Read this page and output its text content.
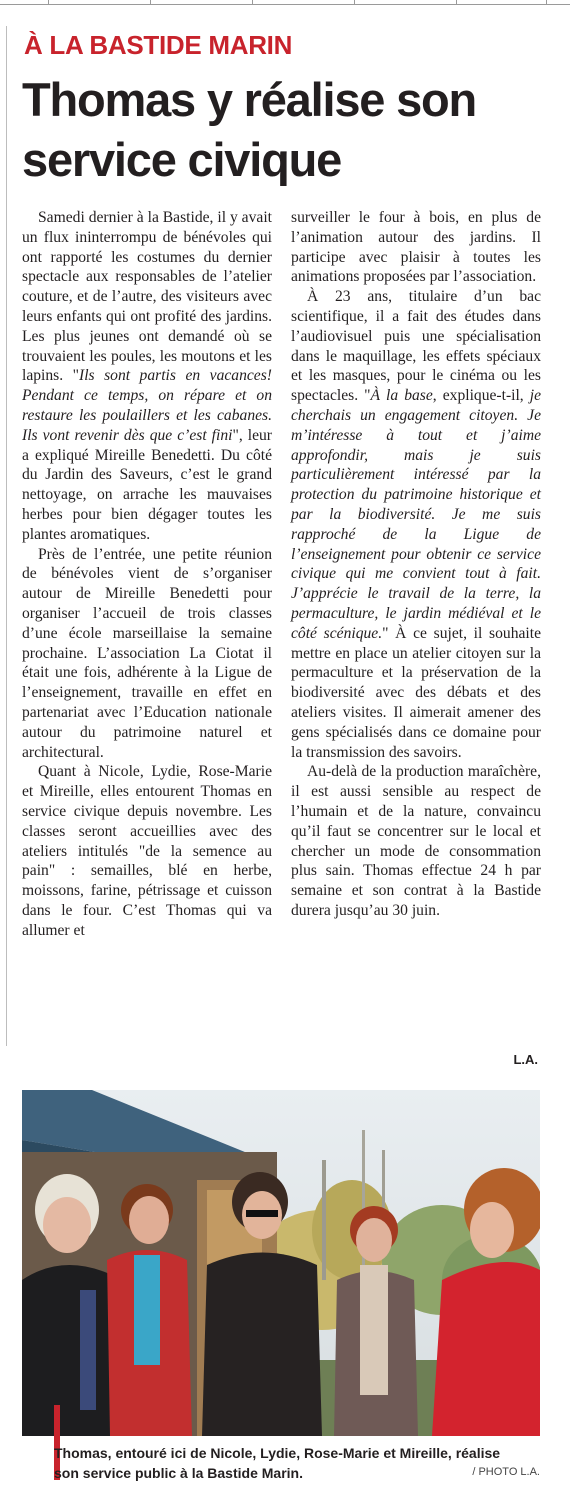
À LA BASTIDE MARIN
Thomas y réalise son service civique

Samedi dernier à la Bastide, il y avait un flux ininterrompu de bénévoles qui ont rapporté les costumes du dernier spectacle aux responsables de l’atelier couture, et de l’autre, des visiteurs avec leurs enfants qui ont profité des jardins. Les plus jeunes ont demandé où se trouvaient les poules, les moutons et les lapins. "Ils sont partis en vacances! Pendant ce temps, on répare et on restaure les poulaillers et les cabanes. Ils vont revenir dès que c’est fini", leur a expliqué Mireille Benedetti. Du côté du Jardin des Saveurs, c’est le grand nettoyage, on arrache les mauvaises herbes pour bien dégager toutes les plantes aromatiques.

Près de l’entrée, une petite réunion de bénévoles vient de s’organiser autour de Mireille Benedetti pour organiser l’accueil de trois classes d’une école marseillaise la semaine prochaine. L’association La Ciotat il était une fois, adhérente à la Ligue de l’enseignement, travaille en effet en partenariat avec l’Education nationale autour du patrimoine naturel et architectural.

Quant à Nicole, Lydie, Rose-Marie et Mireille, elles entourent Thomas en service civique depuis novembre. Les classes seront accueillies avec des ateliers intitulés "de la semence au pain" : semailles, blé en herbe, moissons, farine, pétrissage et cuisson dans le four. C’est Thomas qui va allumer et

surveiller le four à bois, en plus de l’animation autour des jardins. Il participe avec plaisir à toutes les animations proposées par l’association.

À 23 ans, titulaire d’un bac scientifique, il a fait des études dans l’audiovisuel puis une spécialisation dans le maquillage, les effets spéciaux et les masques, pour le cinéma ou les spectacles. "À la base, explique-t-il, je cherchais un engagement citoyen. Je m’intéresse à tout et j’aime approfondir, mais je suis particulièrement intéressé par la protection du patrimoine historique et par la biodiversité. Je me suis rapproché de la Ligue de l’enseignement pour obtenir ce service civique qui me convient tout à fait. J’apprécie le travail de la terre, la permaculture, le jardin médiéval et le côté scénique." À ce sujet, il souhaite mettre en place un atelier citoyen sur la permaculture et la préservation de la biodiversité avec des débats et des ateliers visites. Il aimerait amener des gens spécialisés dans ce domaine pour la transmission des savoirs.

Au-delà de la production maraîchère, il est aussi sensible au respect de l’humain et de la nature, convaincu qu’il faut se concentrer sur le local et chercher un mode de consommation plus sain. Thomas effectue 24 h par semaine et son contrat à la Bastide durera jusqu’au 30 juin.

L.A.
Thomas, entouré ici de Nicole, Lydie, Rose-Marie et Mireille, réalise son service public à la Bastide Marin.	/ PHOTO L.A.
